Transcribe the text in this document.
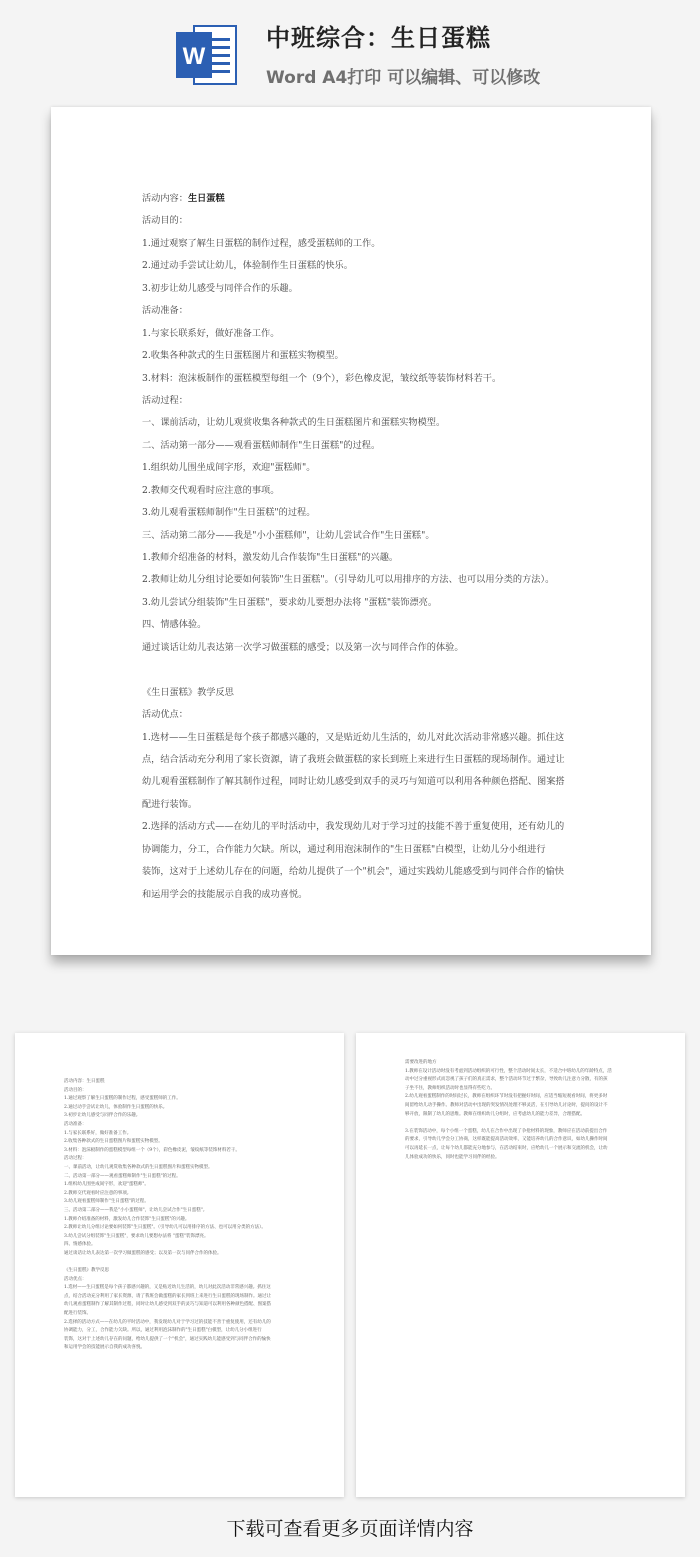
W
中班综合：生日蛋糕
Word A4打印 可以编辑、可以修改
活动内容：生日蛋糕
活动目的：
1.通过观察了解生日蛋糕的制作过程，感受蛋糕师的工作。
2.通过动手尝试让幼儿，体验制作生日蛋糕的快乐。
3.初步让幼儿感受与同伴合作的乐趣。
活动准备：
1.与家长联系好，做好准备工作。
2.收集各种款式的生日蛋糕图片和蛋糕实物模型。
3.材料：泡沫板制作的蛋糕模型每组一个（9个），彩色橡皮泥，皱纹纸等装饰材料若干。
活动过程：
一、课前活动，让幼儿观赏收集各种款式的生日蛋糕图片和蛋糕实物模型。
二、活动第一部分——观看蛋糕师制作"生日蛋糕"的过程。
1.组织幼儿围坐成间字形，欢迎"蛋糕师"。
2.教师交代观看时应注意的事项。
3.幼儿观看蛋糕师制作"生日蛋糕"的过程。
三、活动第二部分——我是"小小蛋糕师"，让幼儿尝试合作"生日蛋糕"。
1.教师介绍准备的材料，激发幼儿合作装饰"生日蛋糕"的兴趣。
2.教师让幼儿分组讨论要如何装饰"生日蛋糕"。（引导幼儿可以用排序的方法、也可以用分类的方法）。
3.幼儿尝试分组装饰"生日蛋糕"，要求幼儿要想办法将 "蛋糕"装饰漂亮。
四、情感体验。
通过谈话让幼儿表达第一次学习做蛋糕的感受；以及第一次与同伴合作的体验。
《生日蛋糕》教学反思
活动优点：
1.选材——生日蛋糕是每个孩子都感兴趣的，又是贴近幼儿生活的，幼儿对此次活动非常感兴趣。抓住这
点，结合活动充分利用了家长资源，请了我班会做蛋糕的家长到班上来进行生日蛋糕的现场制作。通过让
幼儿观看蛋糕制作了解其制作过程，同时让幼儿感受到双手的灵巧与知道可以利用各种颜色搭配、图案搭
配进行装饰。
2.选择的活动方式——在幼儿的平时活动中，我发现幼儿对于学习过的技能不善于重复使用，还有幼儿的
协调能力，分工，合作能力欠缺。所以，通过利用泡沫制作的"生日蛋糕"白模型，让幼儿分小组进行
装饰，这对于上述幼儿存在的问题，给幼儿提供了一个"机会"，通过实践幼儿能感受到与同伴合作的愉快
和运用学会的技能展示自我的成功喜悦。
活动内容：生日蛋糕
活动目的：
1.通过观察了解生日蛋糕的制作过程，感受蛋糕师的工作。
2.通过动手尝试让幼儿，体验制作生日蛋糕的快乐。
3.初步让幼儿感受与同伴合作的乐趣。
活动准备：
1.与家长联系好，做好准备工作。
2.收集各种款式的生日蛋糕图片和蛋糕实物模型。
3.材料：泡沫板制作的蛋糕模型每组一个（9个），彩色橡皮泥，皱纹纸等装饰材料若干。
活动过程：
一、课前活动，让幼儿观赏收集各种款式的生日蛋糕图片和蛋糕实物模型。
二、活动第一部分——观看蛋糕师制作"生日蛋糕"的过程。
1.组织幼儿围坐成间字形，欢迎"蛋糕师"。
2.教师交代观看时应注意的事项。
3.幼儿观看蛋糕师制作"生日蛋糕"的过程。
三、活动第二部分——我是"小小蛋糕师"，让幼儿尝试合作"生日蛋糕"。
1.教师介绍准备的材料，激发幼儿合作装饰"生日蛋糕"的兴趣。
2.教师让幼儿分组讨论要如何装饰"生日蛋糕"。（引导幼儿可以用排序的方法、也可以用分类的方法）。
3.幼儿尝试分组装饰"生日蛋糕"，要求幼儿要想办法将 "蛋糕"装饰漂亮。
四、情感体验。
通过谈话让幼儿表达第一次学习做蛋糕的感受；以及第一次与同伴合作的体验。
《生日蛋糕》教学反思
活动优点：
1.选材——生日蛋糕是每个孩子都感兴趣的，又是贴近幼儿生活的，幼儿对此次活动非常感兴趣。抓住这
点，结合活动充分利用了家长资源，请了我班会做蛋糕的家长到班上来进行生日蛋糕的现场制作。通过让
幼儿观看蛋糕制作了解其制作过程，同时让幼儿感受到双手的灵巧与知道可以利用各种颜色搭配、图案搭
配进行装饰。
2.选择的活动方式——在幼儿的平时活动中，我发现幼儿对于学习过的技能不善于重复使用，还有幼儿的
协调能力，分工，合作能力欠缺。所以，通过利用泡沫制作的"生日蛋糕"白模型，让幼儿分小组进行
装饰，这对于上述幼儿存在的问题，给幼儿提供了一个"机会"，通过实践幼儿能感受到与同伴合作的愉快
和运用学会的技能展示自我的成功喜悦。
需要改进的地方
1.教师在设计活动时没有考虑到活动组织的可行性，整个活动时间太长，不适合中班幼儿的年龄特点，活
动中过分重视形式而忽视了孩子们的真正需求，整个活动环节过于繁杂，导致幼儿注意力分散，有的孩
子坐不住，教师组织活动时也显得有些吃力。
2.幼儿观看蛋糕制作的时间过长，教师在组织环节时没有把握好时间，应适当缩短观看时间，将更多时
间留给幼儿动手操作。教师对活动中出现的突发情况处理不够灵活，在引导幼儿讨论时，提问的设计不
够开放，限制了幼儿的思维。教师在组织幼儿分组时，应考虑幼儿的能力差异，合理搭配。
3.在装饰活动中，每个小组一个蛋糕，幼儿在合作中出现了争抢材料的现象，教师应在活动前提出合作
的要求，引导幼儿学会分工协商，这样既能提高活动效率，又能培养幼儿的合作意识，如幼儿操作时间
可以再延长一点，让每个幼儿都能充分地参与，在活动结束时，应给幼儿一个展示和交流的机会，让幼
儿体验成功的快乐，同时也能学习同伴的经验。
下载可查看更多页面详情内容
